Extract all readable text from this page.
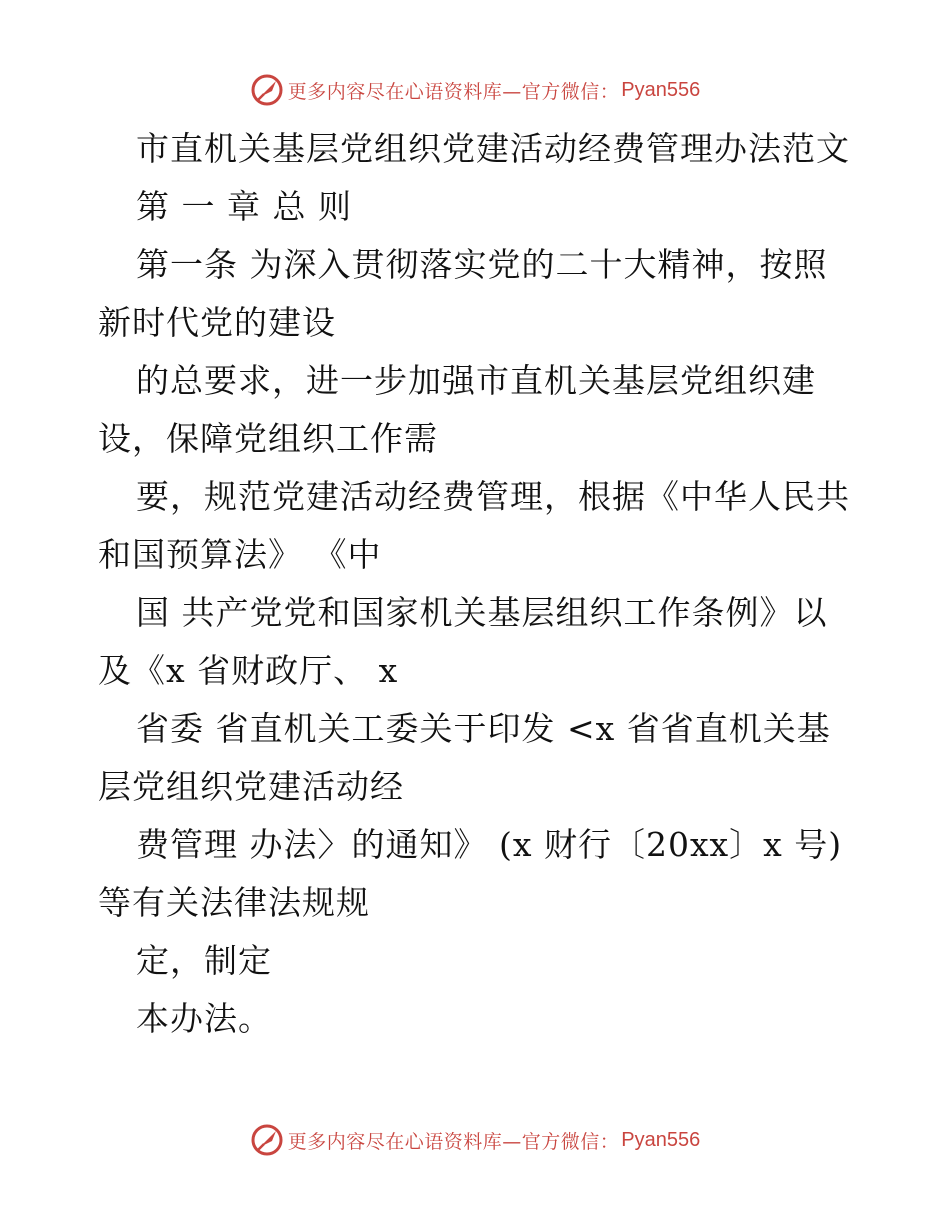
更多内容尽在心语资料库—官方微信： Pyan556
市直机关基层党组织党建活动经费管理办法范文
第 一 章 总 则
第一条 为深入贯彻落实党的二十大精神，按照
新时代党的建设
的总要求，进一步加强市直机关基层党组织建
设，保障党组织工作需
要，规范党建活动经费管理，根据《中华人民共
和国预算法》 《中
国 共产党党和国家机关基层组织工作条例》以
及《x 省财政厅、 x
省委 省直机关工委关于印发 <x 省省直机关基
层党组织党建活动经
费管理 办法〉的通知》 (x 财行〔20xx〕x 号)
等有关法律法规规
定，制定
本办法。
更多内容尽在心语资料库—官方微信： Pyan556
